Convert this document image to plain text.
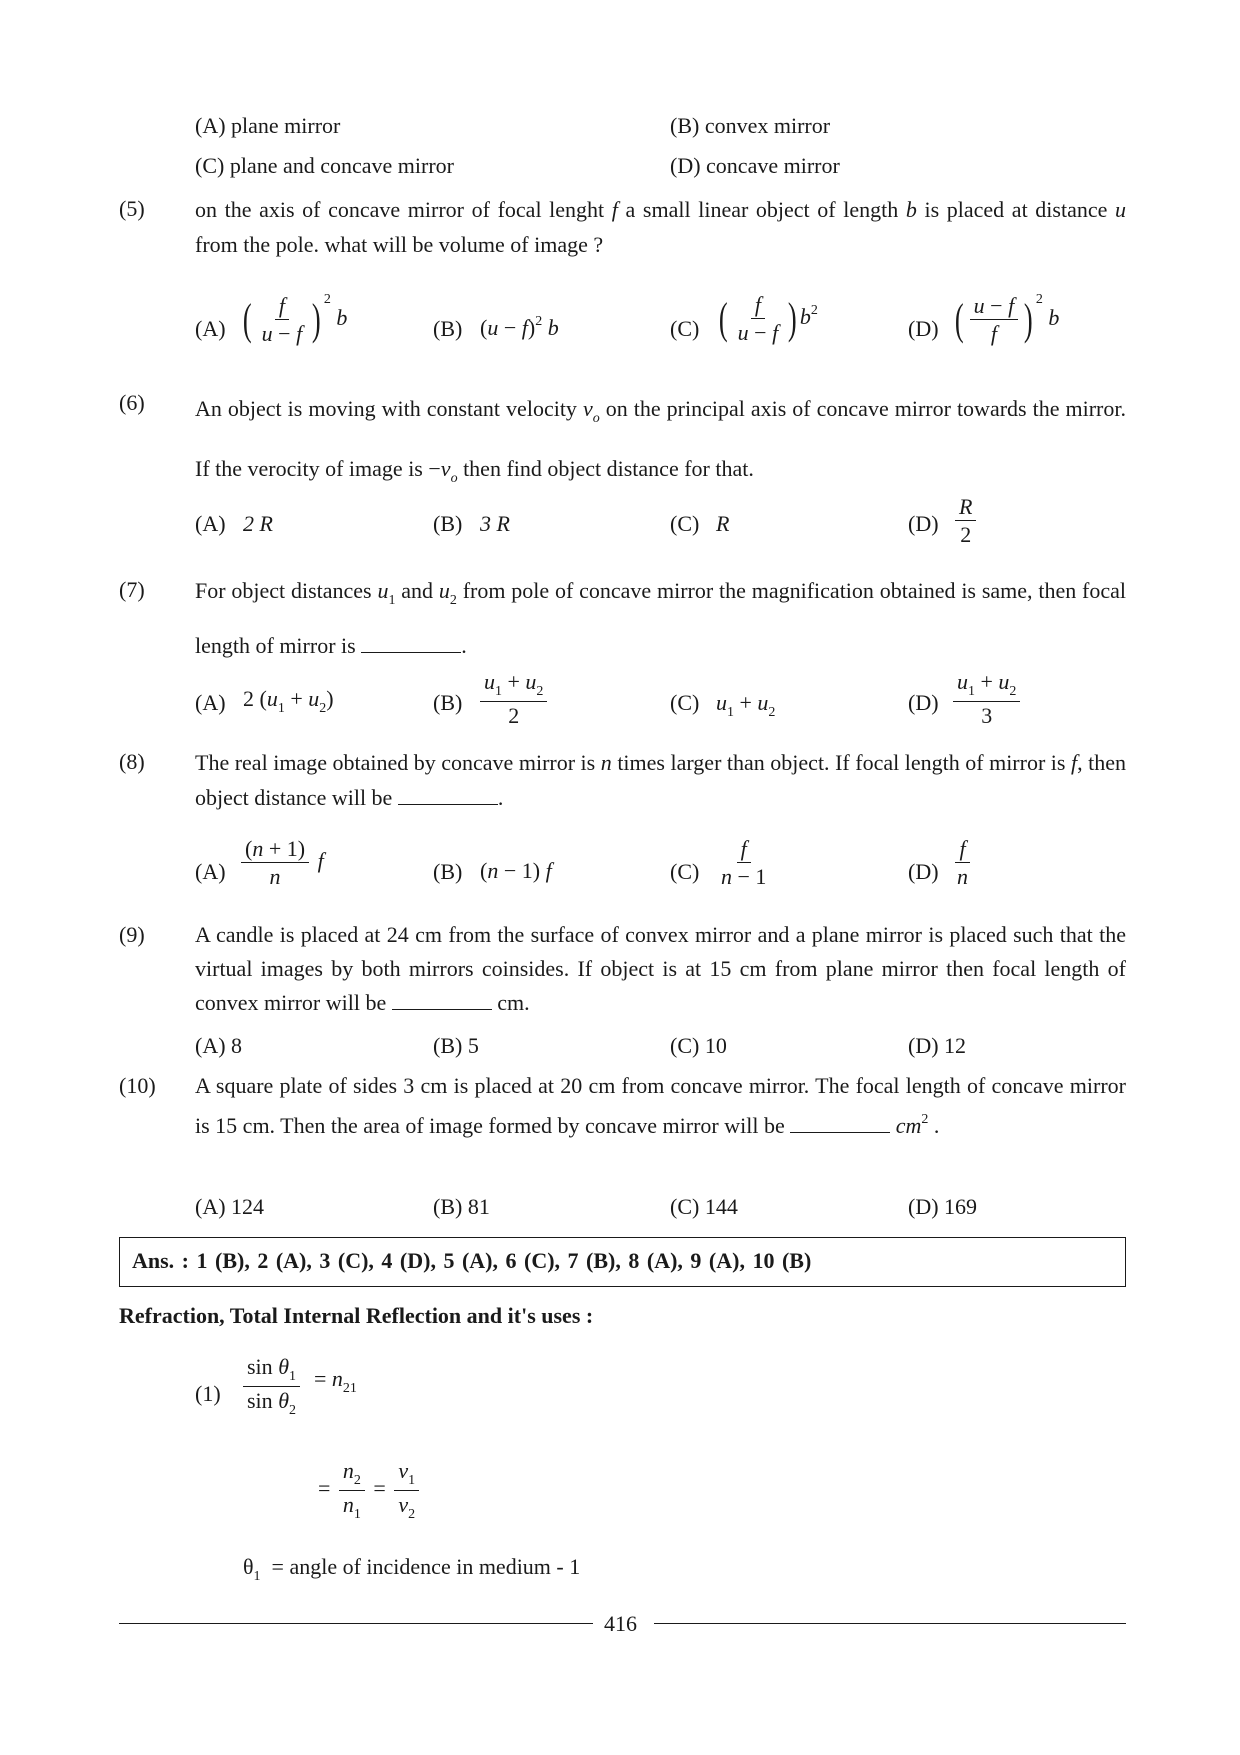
(A) plane mirror	(B) convex mirror
(C) plane and concave mirror	(D) concave mirror
(5) on the axis of concave mirror of focal lenght f a small linear object of length b is placed at distance u from the pole. what will be volume of image ?
(A) ( $\frac{f}{u - f}$ ) $^2$ b	(B) $(u - f)^2$ b	(C) ( $\frac{f}{u - f}$ ) $b^2$
(D) ( $\frac{u - f}{f}$ ) $^2$ b
(6) An object is moving with constant velocity $v_o$ on the principal axis of concave mirror towards the mirror. If the verocity of image is $-v_o$ then find object distance for that.
(A) 2 R	(B) 3 R	(C) R	$(D) \frac{R}{2}$
(7) For object distances $u_1$ and $u_2$ from pole of concave mirror the magnification obtained is same, then focal length of mirror is	.
(A) 2 $(u_1 + u_2)$	$(B) \frac{u_1 + u_2}{2}$	(C) $u_1 + u_2$	$(D) \frac{u_1 + u_2}{3}$
(8) The real image obtained by concave mirror is n times larger than object. If focal length of mirror is f, then object distance will be	.
$(A) \frac{(n + 1)}{n}$ f	(B) (n − 1) f	$(C) \frac{f}{n - 1}$	$(D) \frac{f}{n}$
(9) A candle is placed at 24 cm from the surface of convex mirror and a plane mirror is placed such that the virtual images by both mirrors coinsides. If object is at 15 cm from plane mirror then focal length of convex mirror will be	cm.
(A) 8	(B) 5	(C) 10	(D) 12
(10) A square plate of sides 3 cm is placed at 20 cm from concave mirror. The focal length of concave mirror is 15 cm. Then the area of image formed by concave mirror will be	$cm^2$ .
(A) 124	(B) 81	(C) 144	(D) 169
Ans. : 1 (B), 2 (A), 3 (C), 4 (D), 5 (A), 6 (C), 7 (B), 8 (A), 9 (A), 10 (B)
Refraction, Total Internal Reflection and it's uses :
$(1) \frac{\sin \theta_1}{\sin \theta_2} = n_{21}$
= $\frac{n_2}{n_1} = \frac{v_1}{v_2}$
$\theta_1$ = angle of incidence in medium - 1
416
